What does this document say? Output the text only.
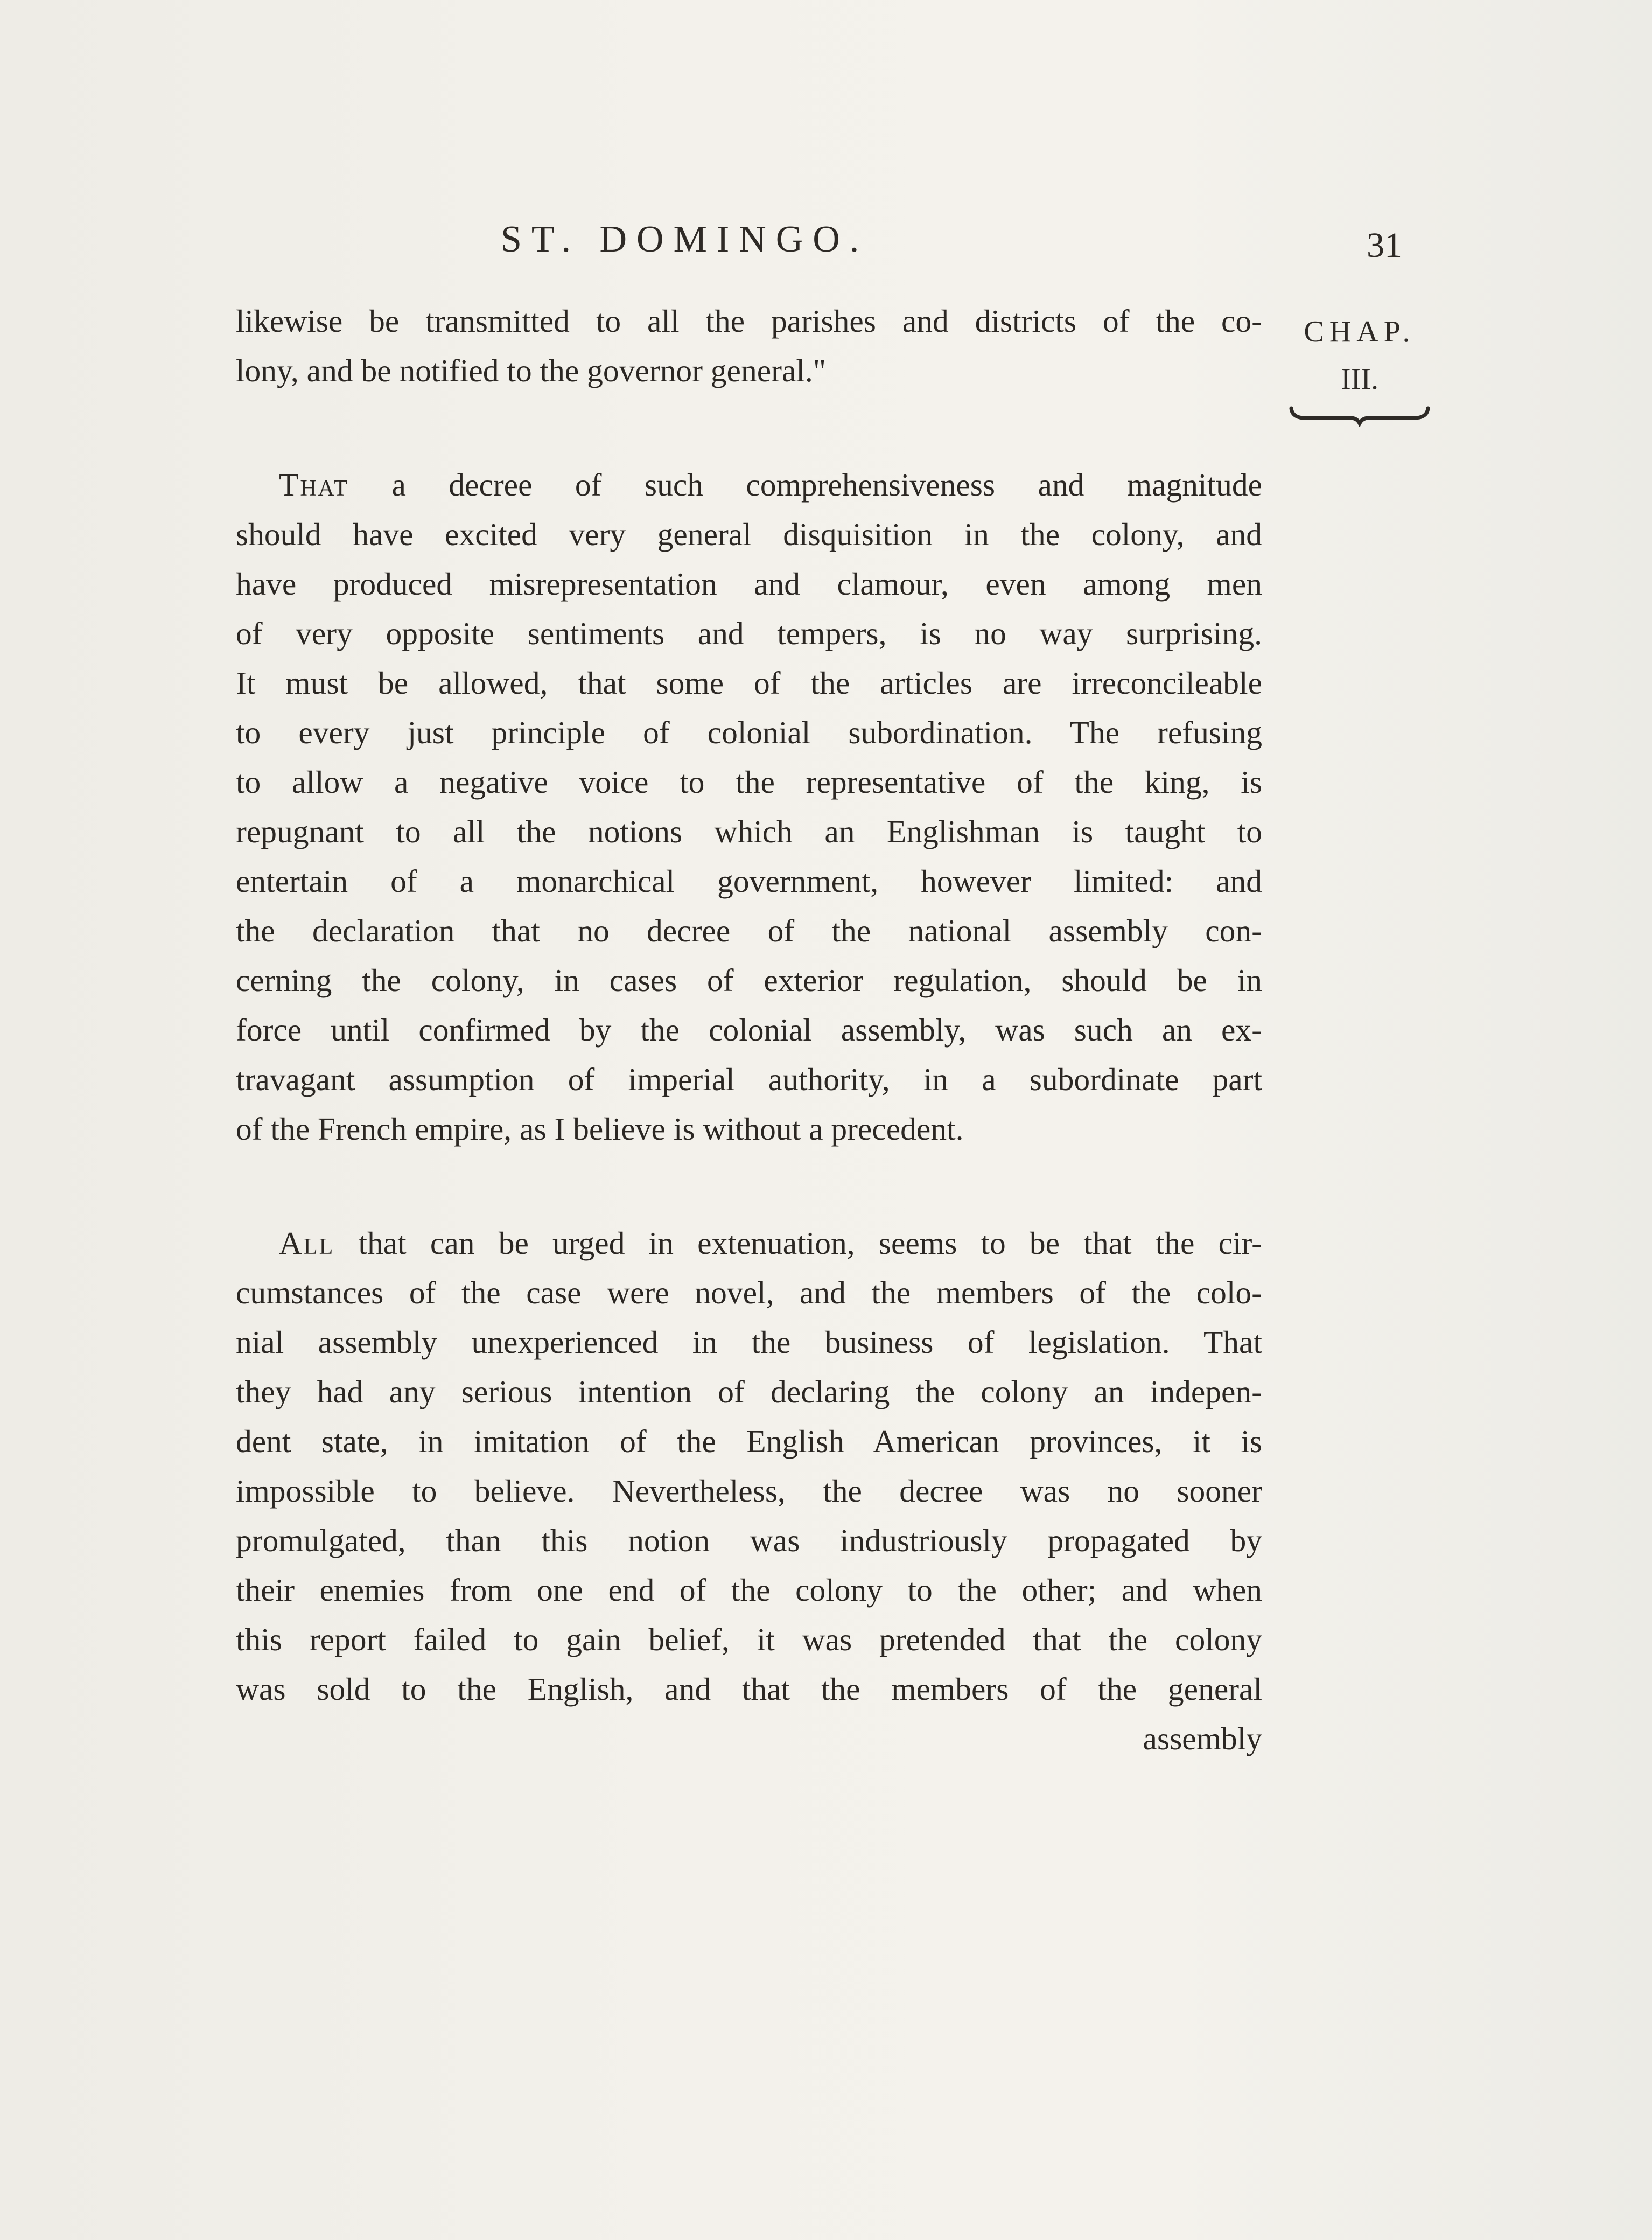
ST. DOMINGO.	31
CHAP.
III.
likewise be transmitted to all the parishes and districts of the co-
lony, and be notified to the governor general."
That a decree of such comprehensiveness and magnitude
should have excited very general disquisition in the colony, and
have produced misrepresentation and clamour, even among men
of very opposite sentiments and tempers, is no way surprising.
It must be allowed, that some of the articles are irreconcileable
to every just principle of colonial subordination. The refusing
to allow a negative voice to the representative of the king, is
repugnant to all the notions which an Englishman is taught to
entertain of a monarchical government, however limited: and
the declaration that no decree of the national assembly con-
cerning the colony, in cases of exterior regulation, should be in
force until confirmed by the colonial assembly, was such an ex-
travagant assumption of imperial authority, in a subordinate part
of the French empire, as I believe is without a precedent.
All that can be urged in extenuation, seems to be that the cir-
cumstances of the case were novel, and the members of the colo-
nial assembly unexperienced in the business of legislation. That
they had any serious intention of declaring the colony an indepen-
dent state, in imitation of the English American provinces, it is
impossible to believe. Nevertheless, the decree was no sooner
promulgated, than this notion was industriously propagated by
their enemies from one end of the colony to the other; and when
this report failed to gain belief, it was pretended that the colony
was sold to the English, and that the members of the general
assembly
